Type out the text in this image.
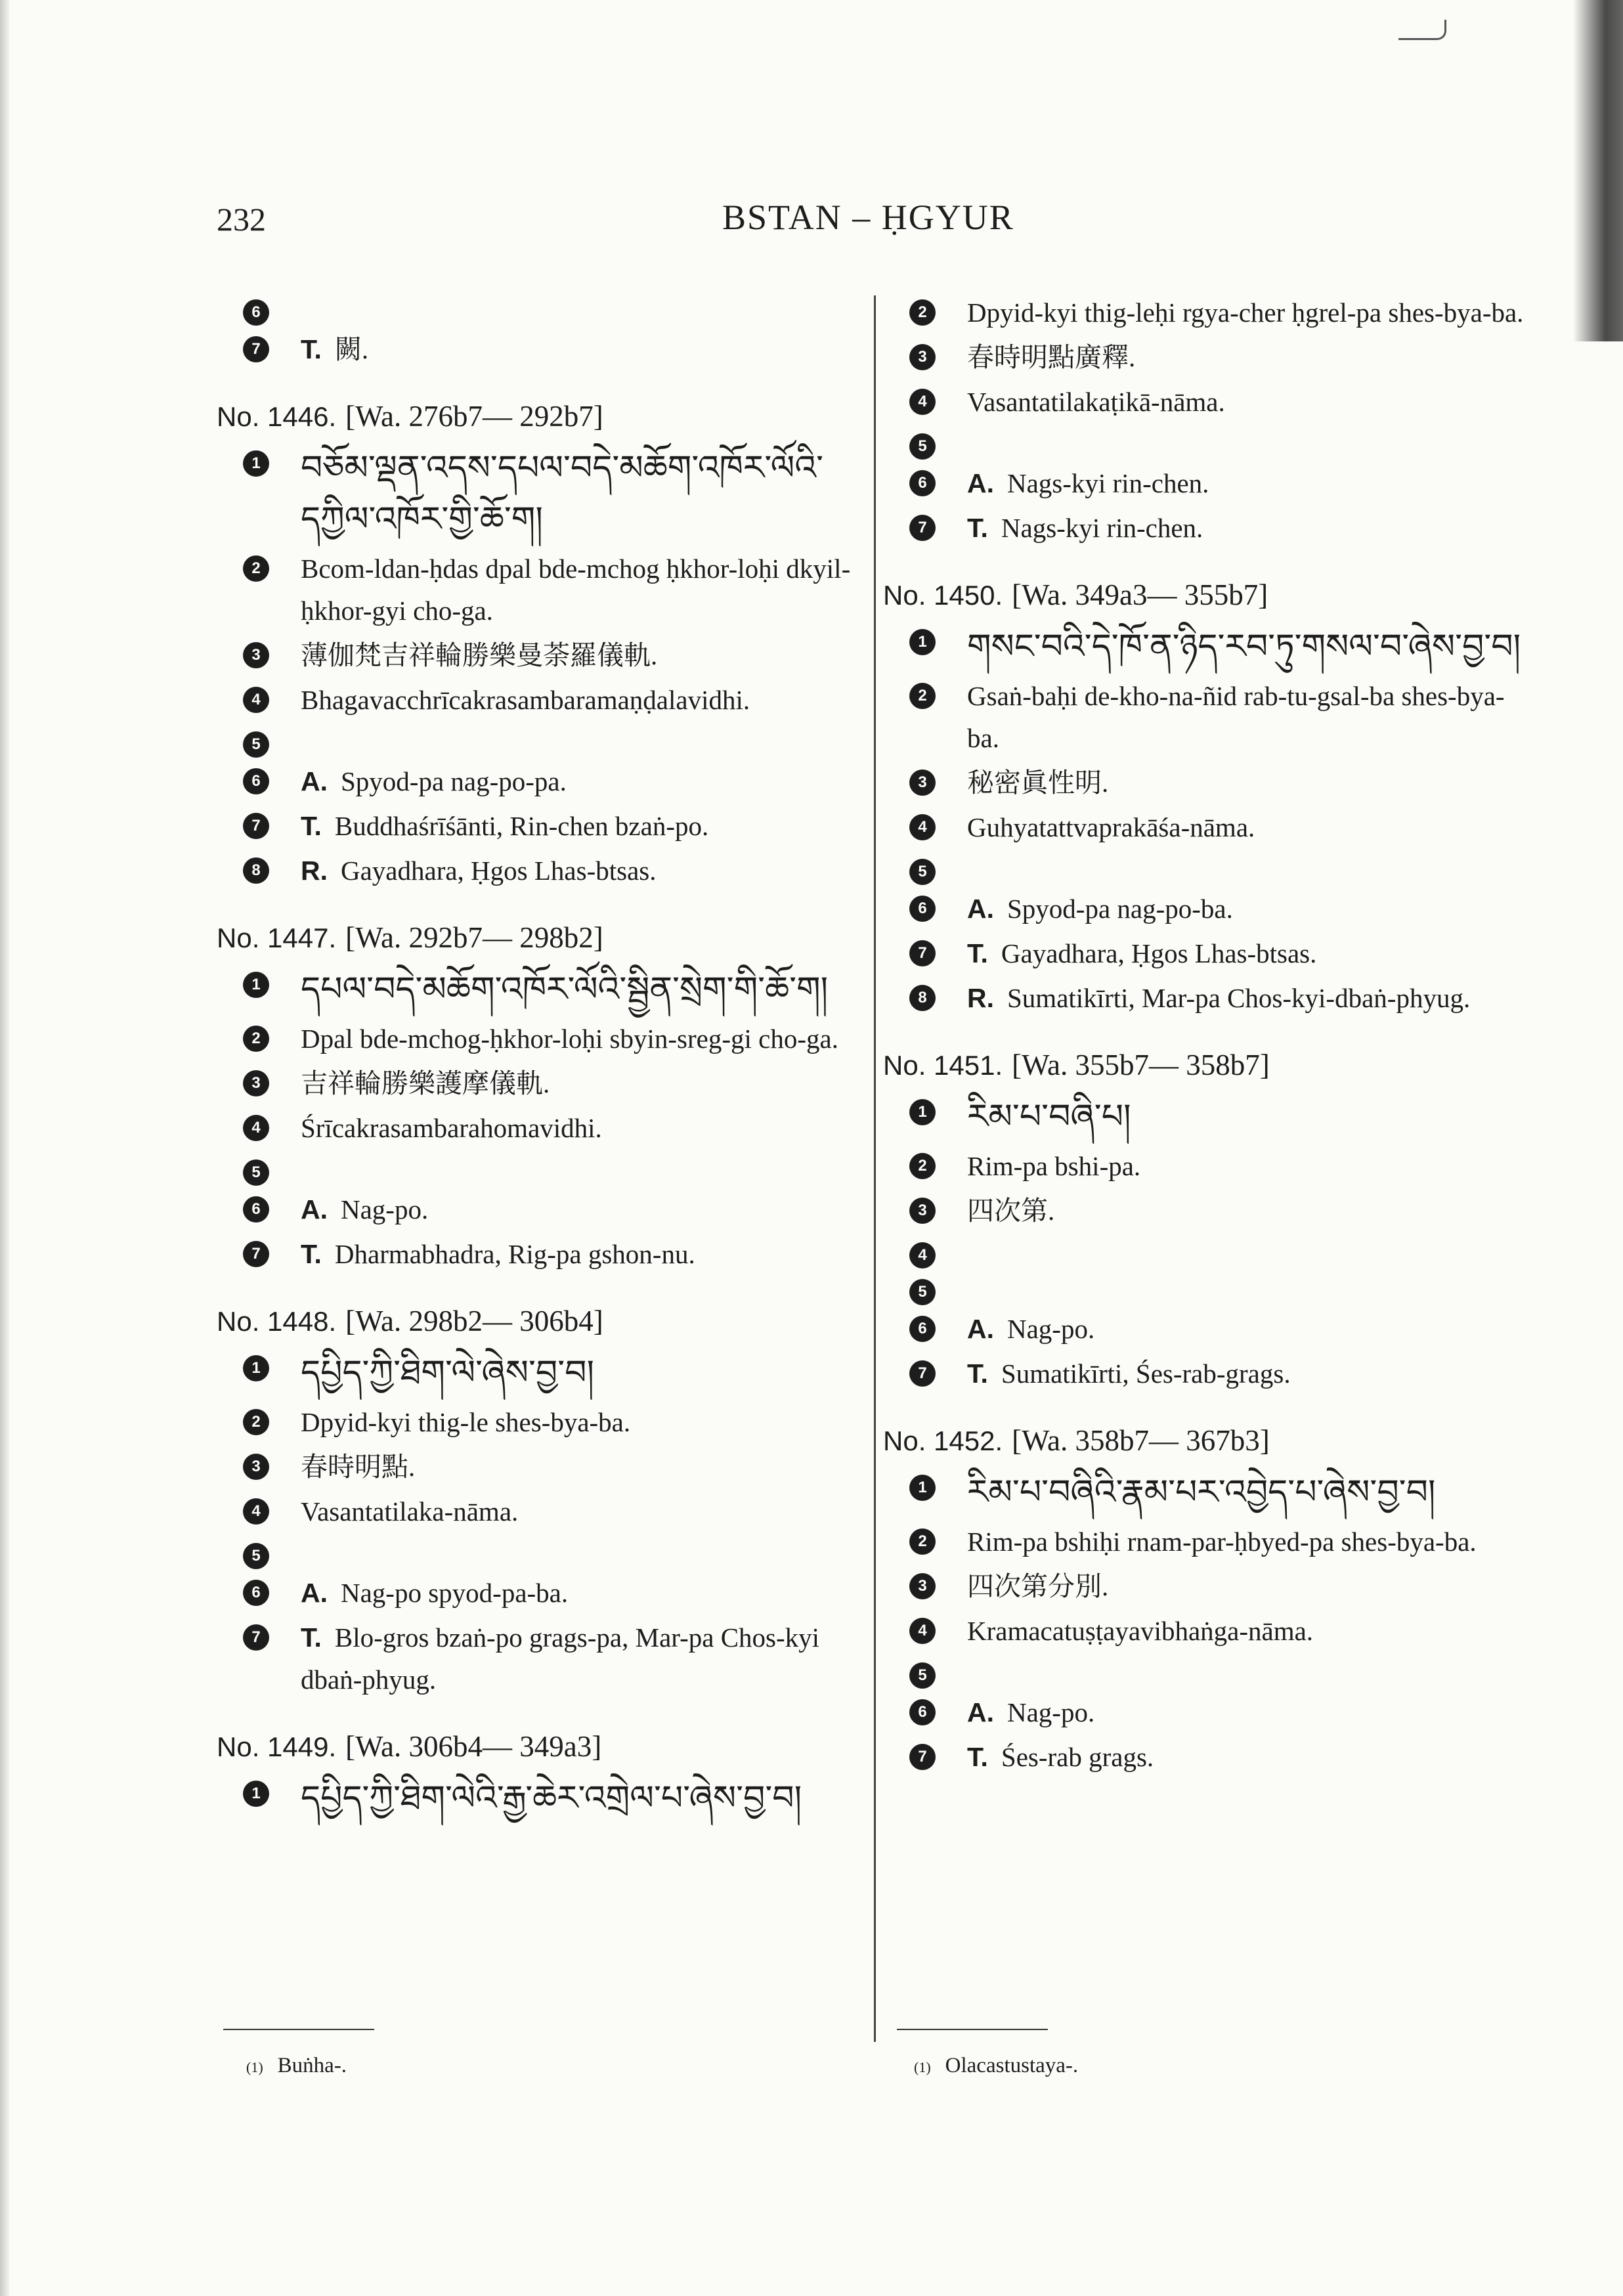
232	BSTAN – ḤGYUR
6
7	T. 闕.
No. 1446. [Wa. 276b7— 292b7]
1 བཅོམ་ལྡན་འདས་དཔལ་བདེ་མཆོག་འཁོར་ལོའི་དཀྱིལ་འཁོར་གྱི་ཆོ་ག།
2	Bcom-ldan-ḥdas dpal bde-mchog ḥkhor-loḥi dkyil-ḥkhor-gyi cho-ga.
3	薄伽梵吉祥輪勝樂曼荼羅儀軌.
4	Bhagavacchrīcakrasambaramaṇḍalavidhi.
5
6	A. Spyod-pa nag-po-pa.
7	T. Buddhaśrīśānti, Rin-chen bzaṅ-po.
8	R. Gayadhara, Ḥgos Lhas-btsas.
No. 1447. [Wa. 292b7— 298b2]
1 དཔལ་བདེ་མཆོག་འཁོར་ལོའི་སྦྱིན་སྲེག་གི་ཆོ་ག།
2	Dpal bde-mchog-ḥkhor-loḥi sbyin-sreg-gi cho-ga.
3	吉祥輪勝樂護摩儀軌.
4	Śrīcakrasambarahomavidhi.
5
6	A. Nag-po.
7	T. Dharmabhadra, Rig-pa gshon-nu.
No. 1448. [Wa. 298b2— 306b4]
1 དཔྱིད་ཀྱི་ཐིག་ལེ་ཞེས་བྱ་བ།
2	Dpyid-kyi thig-le shes-bya-ba.
3	春時明點.
4	Vasantatilaka-nāma.
5
6	A. Nag-po spyod-pa-ba.
7	T. Blo-gros bzaṅ-po grags-pa, Mar-pa Chos-kyi dbaṅ-phyug.
No. 1449. [Wa. 306b4— 349a3]
1 དཔྱིད་ཀྱི་ཐིག་ལེའི་རྒྱ་ཆེར་འགྲེལ་པ་ཞེས་བྱ་བ།
2	Dpyid-kyi thig-leḥi rgya-cher ḥgrel-pa shes-bya-ba.
3	春時明點廣釋.
4	Vasantatilakaṭikā-nāma.
5
6	A. Nags-kyi rin-chen.
7	T. Nags-kyi rin-chen.
No. 1450. [Wa. 349a3— 355b7]
1 གསང་བའི་དེ་ཁོ་ན་ཉིད་རབ་ཏུ་གསལ་བ་ཞེས་བྱ་བ།
2	Gsaṅ-baḥi de-kho-na-ñid rab-tu-gsal-ba shes-bya-ba.
3	秘密眞性明.
4	Guhyatattvaprakāśa-nāma.
5
6	A. Spyod-pa nag-po-ba.
7	T. Gayadhara, Ḥgos Lhas-btsas.
8	R. Sumatikīrti, Mar-pa Chos-kyi-dbaṅ-phyug.
No. 1451. [Wa. 355b7— 358b7]
1 རིམ་པ་བཞི་པ།
2	Rim-pa bshi-pa.
3	四次第.
4
5
6	A. Nag-po.
7	T. Sumatikīrti, Śes-rab-grags.
No. 1452. [Wa. 358b7— 367b3]
1 རིམ་པ་བཞིའི་རྣམ་པར་འབྱེད་པ་ཞེས་བྱ་བ།
2	Rim-pa bshiḥi rnam-par-ḥbyed-pa shes-bya-ba.
3	四次第分別.
4	Kramacatuṣṭayavibhaṅga-nāma.
5
6	A. Nag-po.
7	T. Śes-rab grags.
(1) Buṅha-.	(1) Olacastustaya-.
